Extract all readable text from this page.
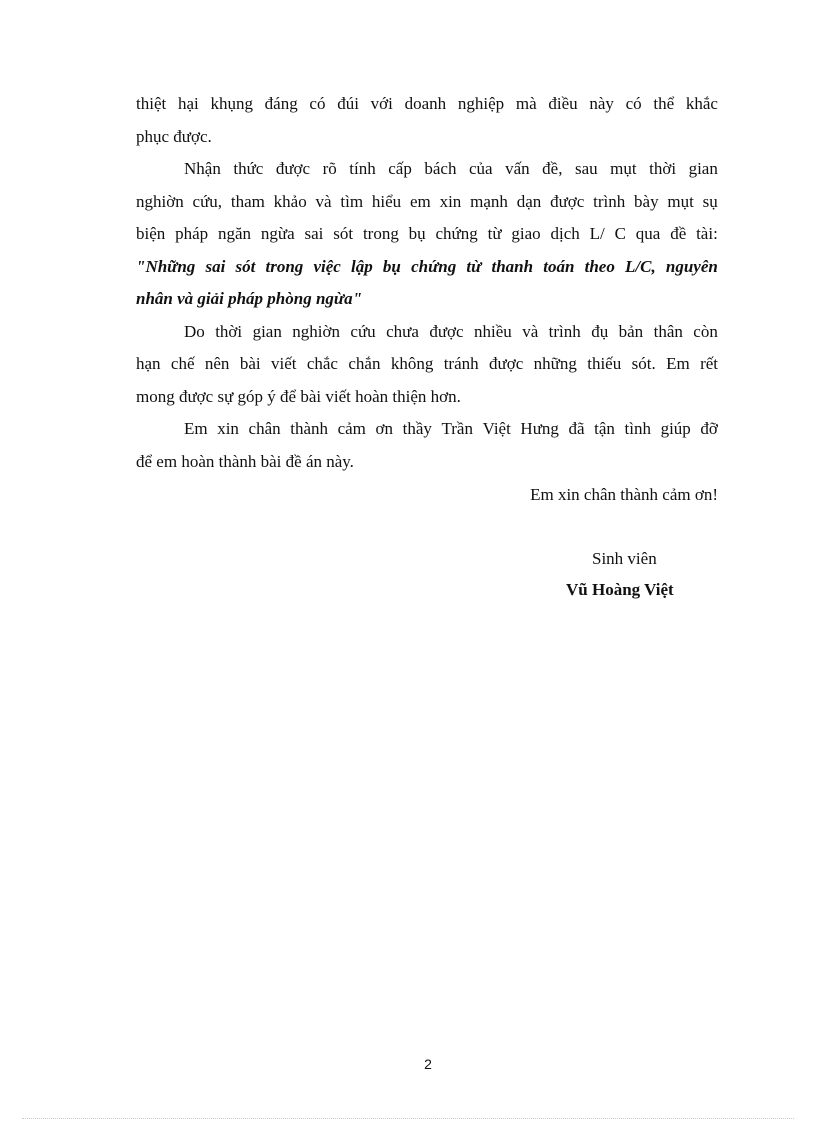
thiệt hại khụng đáng có đúi với doanh nghiệp mà điều này có thể khắc
phục được.
Nhận thức được rõ tính cấp bách của vấn đề, sau mụt thời gian
nghiờn cứu, tham khảo và tìm hiểu em xin mạnh dạn được trình bày mụt sụ
biện pháp ngăn ngừa sai sót trong bụ chứng từ giao dịch L/ C qua đề tài:
"Những sai sót trong việc lập bụ chứng từ thanh toán theo L/C, nguyên
nhân và giải pháp phòng ngừa"
Do thời gian nghiờn cứu chưa được nhiều và trình đụ bản thân còn
hạn chế nên bài viết chắc chắn không tránh được những thiếu sót. Em rết
mong được sự góp ý để bài viết hoàn thiện hơn.
Em xin chân thành cảm ơn thầy Trần Việt Hưng đã tận tình giúp đỡ
để em hoàn thành bài đề án này.
Em xin chân thành cảm ơn!
Sinh viên
Vũ Hoàng Việt
2
